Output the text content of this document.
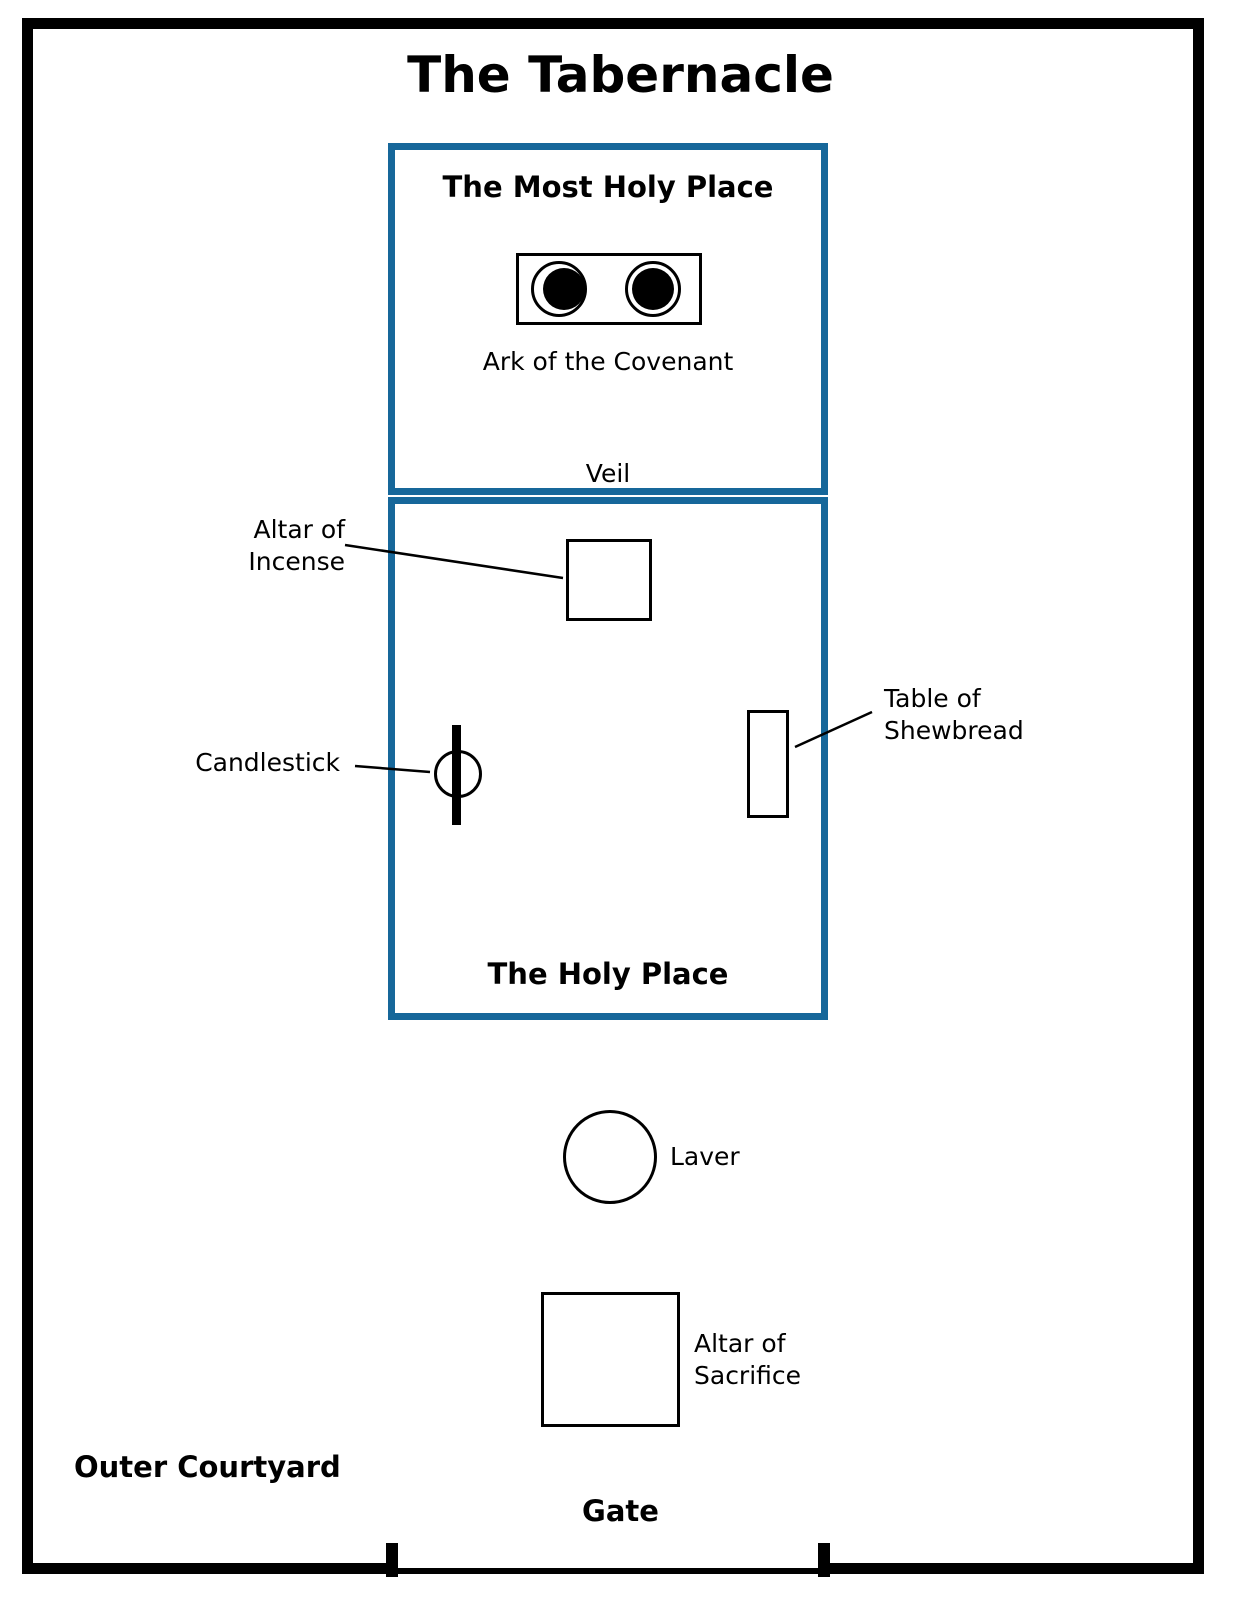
The Tabernacle
The Most Holy Place
Ark of the Covenant
Veil
The Holy Place
Altar of
Incense
Candlestick
Table of
Shewbread
Laver
Altar of
Sacrifice
Outer Courtyard
Gate
